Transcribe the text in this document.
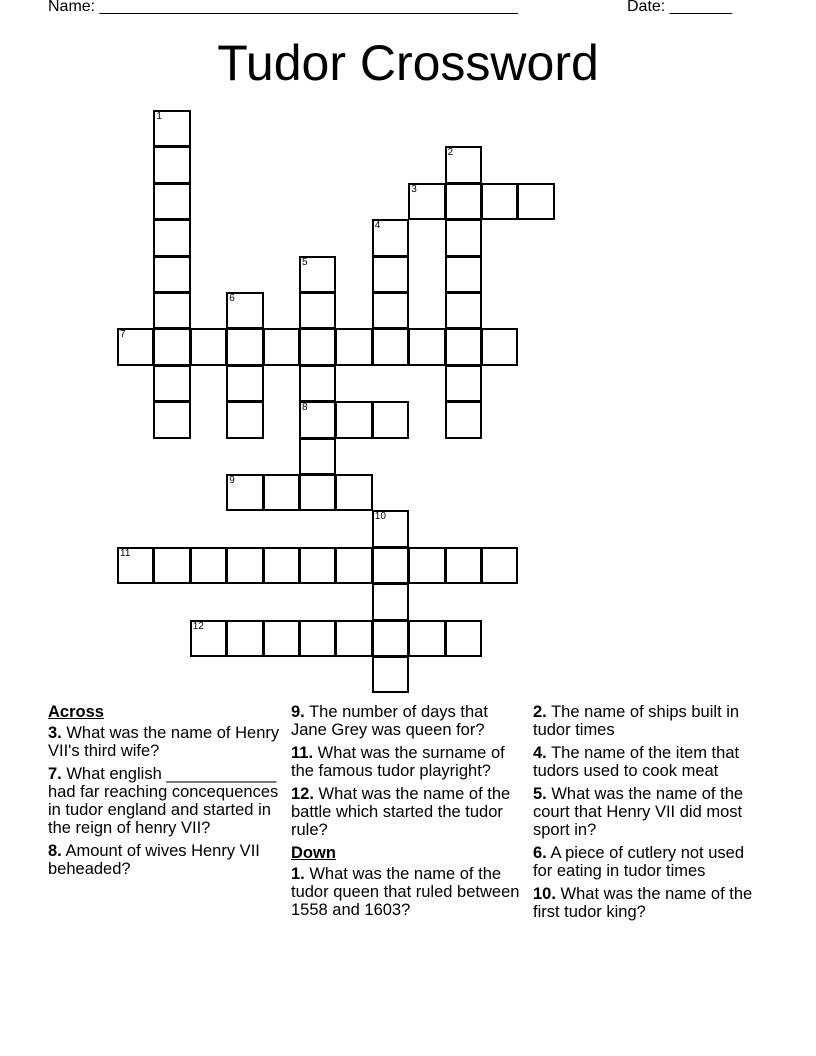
Name: _______________________________________________	Date: _______
Tudor Crossword
1
2
3
4
5
8
6
7
9
10
11
12
Across
3. What was the name of Henry VII's third wife?
7. What english ____________ had far reaching concequences in tudor england and started in the reign of henry VII?
8. Amount of wives Henry VII beheaded?
9. The number of days that Jane Grey was queen for?
11. What was the surname of the famous tudor playright?
12. What was the name of the battle which started the tudor rule?
Down
1. What was the name of the tudor queen that ruled between 1558 and 1603?
2. The name of ships built in tudor times
4. The name of the item that tudors used to cook meat
5. What was the name of the court that Henry VII did most sport in?
6. A piece of cutlery not used for eating in tudor times
10. What was the name of the first tudor king?
